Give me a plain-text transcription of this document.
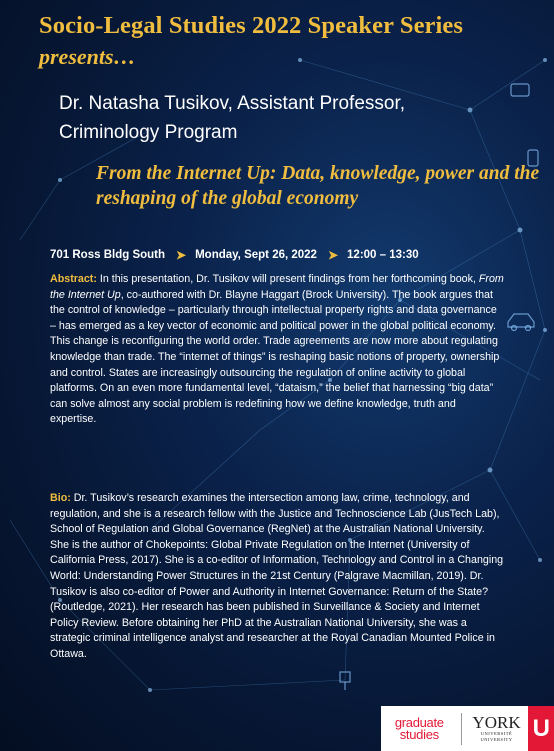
Socio-Legal Studies 2022 Speaker Series
presents…
Dr. Natasha Tusikov, Assistant Professor,
Criminology Program
From the Internet Up: Data, knowledge, power and the reshaping of the global economy
701 Ross Bldg South ➤ Monday, Sept 26, 2022 ➤ 12:00 – 13:30
Abstract: In this presentation, Dr. Tusikov will present findings from her forthcoming book, From the Internet Up, co-authored with Dr. Blayne Haggart (Brock University). The book argues that the control of knowledge – particularly through intellectual property rights and data governance – has emerged as a key vector of economic and political power in the global political economy. This change is reconfiguring the world order. Trade agreements are now more about regulating knowledge than trade. The “internet of things” is reshaping basic notions of property, ownership and control. States are increasingly outsourcing the regulation of online activity to global platforms. On an even more fundamental level, “dataism,” the belief that harnessing “big data” can solve almost any social problem is redefining how we define knowledge, truth and expertise.
Bio: Dr. Tusikov’s research examines the intersection among law, crime, technology, and regulation, and she is a research fellow with the Justice and Technoscience Lab (JusTech Lab), School of Regulation and Global Governance (RegNet) at the Australian National University. She is the author of Chokepoints: Global Private Regulation on the Internet (University of California Press, 2017). She is a co-editor of Information, Technology and Control in a Changing World: Understanding Power Structures in the 21st Century (Palgrave Macmillan, 2019). Dr. Tusikov is also co-editor of Power and Authority in Internet Governance: Return of the State? (Routledge, 2021). Her research has been published in Surveillance & Society and Internet Policy Review. Before obtaining her PhD at the Australian National University, she was a strategic criminal intelligence analyst and researcher at the Royal Canadian Mounted Police in Ottawa.
graduate
studies
YORK
UNIVERSITÉ UNIVERSITY U
